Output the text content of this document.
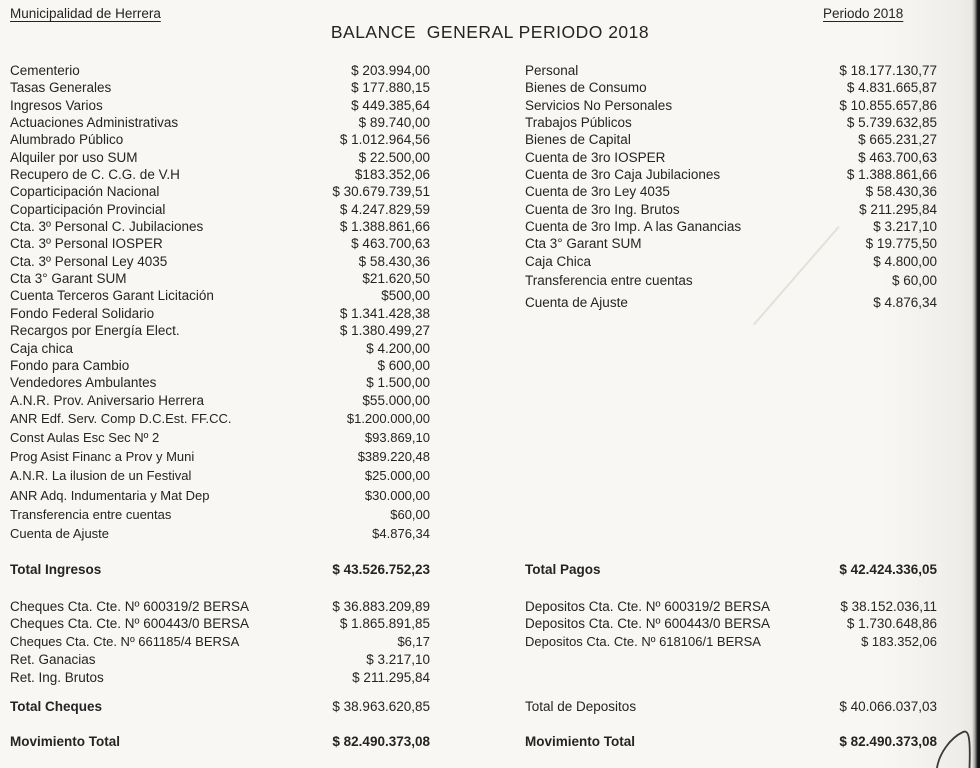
Municipalidad de Herrera	Periodo 2018
BALANCE  GENERAL PERIODO 2018
Cementerio	$ 203.994,00
Tasas Generales	$ 177.880,15
Ingresos Varios	$ 449.385,64
Actuaciones Administrativas	$ 89.740,00
Alumbrado Público	$ 1.012.964,56
Alquiler por uso SUM	$ 22.500,00
Recupero de C. C.G. de V.H	$183.352,06
Coparticipación Nacional	$ 30.679.739,51
Coparticipación Provincial	$ 4.247.829,59
Cta. 3º Personal C. Jubilaciones	$ 1.388.861,66
Cta. 3º Personal IOSPER	$ 463.700,63
Cta. 3º Personal Ley 4035	$ 58.430,36
Cta 3° Garant SUM	$21.620,50
Cuenta Terceros Garant Licitación	$500,00
Fondo Federal Solidario	$ 1.341.428,38
Recargos por Energía Elect.	$ 1.380.499,27
Caja chica	$ 4.200,00
Fondo para Cambio	$ 600,00
Vendedores Ambulantes	$ 1.500,00
A.N.R. Prov. Aniversario Herrera	$55.000,00
ANR Edf. Serv. Comp D.C.Est. FF.CC.	$1.200.000,00
Const Aulas Esc Sec Nº 2	$93.869,10
Prog Asist Financ a Prov y Muni	$389.220,48
A.N.R. La ilusion de un Festival	$25.000,00
ANR Adq. Indumentaria y Mat Dep	$30.000,00
Transferencia entre cuentas	$60,00
Cuenta de Ajuste	$4.876,34
Personal	$ 18.177.130,77
Bienes de Consumo	$ 4.831.665,87
Servicios No Personales	$ 10.855.657,86
Trabajos Públicos	$ 5.739.632,85
Bienes de Capital	$ 665.231,27
Cuenta de 3ro IOSPER	$ 463.700,63
Cuenta de 3ro Caja Jubilaciones	$ 1.388.861,66
Cuenta de 3ro Ley 4035	$ 58.430,36
Cuenta de 3ro Ing. Brutos	$ 211.295,84
Cuenta de 3ro Imp. A las Ganancias	$ 3.217,10
Cta 3° Garant SUM	$ 19.775,50
Caja Chica	$ 4.800,00
Transferencia entre cuentas	$ 60,00
Cuenta de Ajuste	$ 4.876,34
Total Ingresos	$ 43.526.752,23	Total Pagos	$ 42.424.336,05
Cheques Cta. Cte. Nº 600319/2 BERSA	$ 36.883.209,89
Cheques Cta. Cte. Nº 600443/0 BERSA	$ 1.865.891,85
Cheques Cta. Cte. Nº 661185/4 BERSA	$6,17
Ret. Ganacias	$ 3.217,10
Ret. Ing. Brutos	$ 211.295,84
Depositos Cta. Cte. Nº 600319/2 BERSA	$ 38.152.036,11
Depositos Cta. Cte. Nº 600443/0 BERSA	$ 1.730.648,86
Depositos Cta. Cte. Nº 618106/1 BERSA	$ 183.352,06
Total Cheques	$ 38.963.620,85	Total de Depositos	$ 40.066.037,03
Movimiento Total	$ 82.490.373,08	Movimiento Total	$ 82.490.373,08
